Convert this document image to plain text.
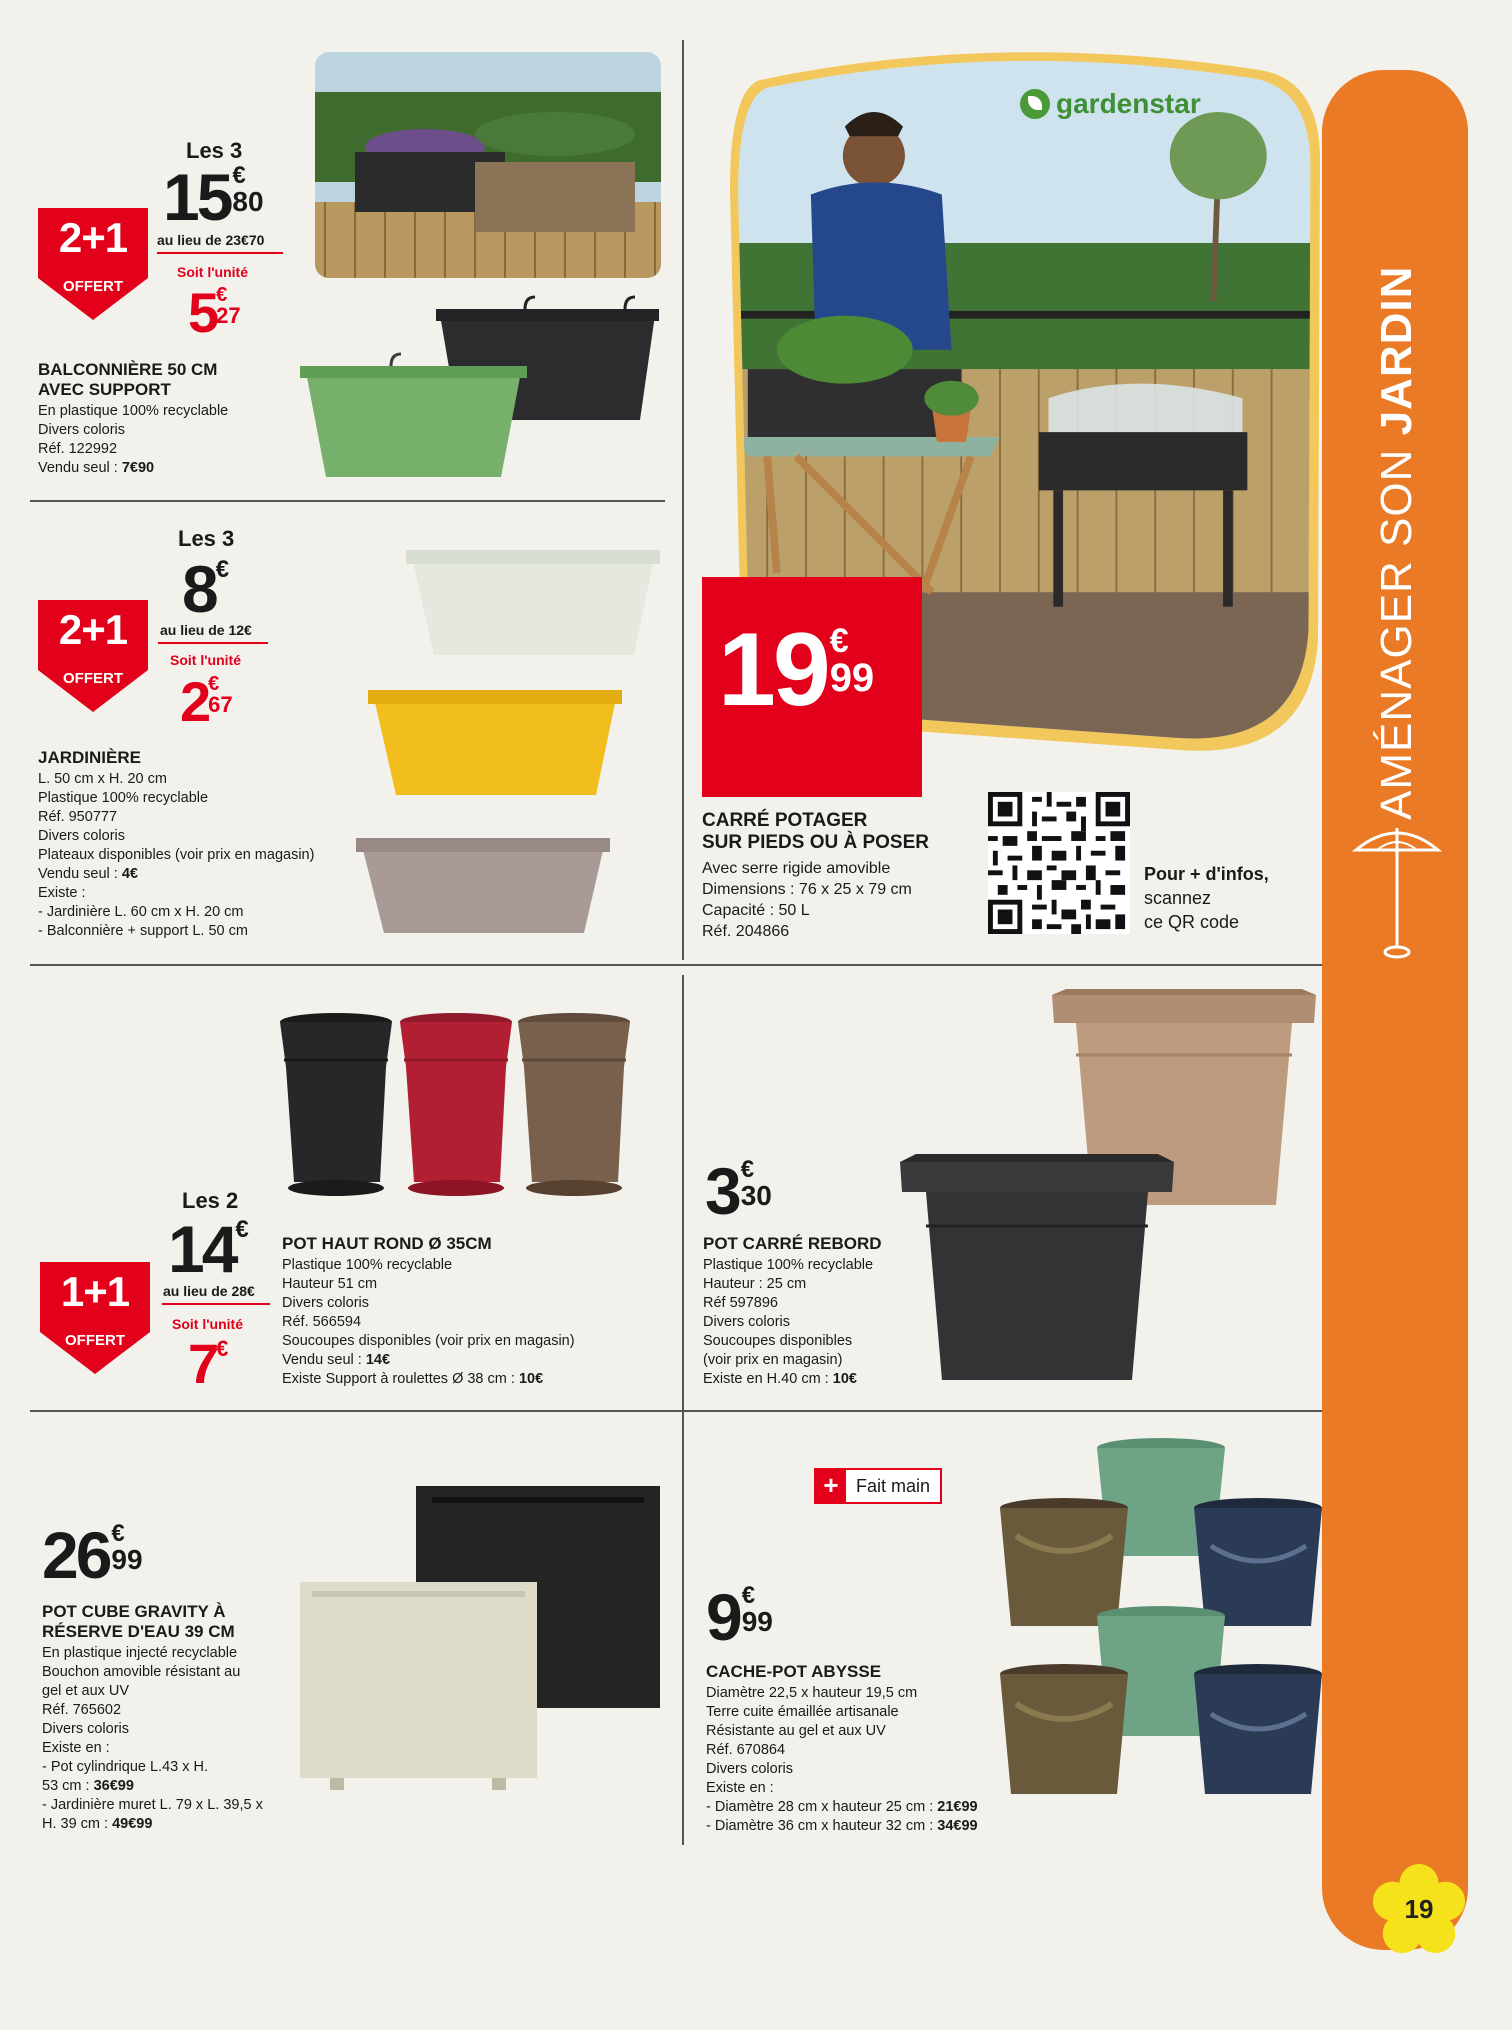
Les 3
15 €
80
au lieu de 23€70
Soit l'unité
5 €
27
2+1
OFFERT
BALCONNIÈRE 50 CM
AVEC SUPPORT
En plastique 100% recyclable
Divers coloris
Réf. 122992
Vendu seul : 7€90
Les 3
8€
au lieu de 12€
Soit l'unité
2 €
67
2+1
OFFERT
JARDINIÈRE
L. 50 cm x H. 20 cm
Plastique 100% recyclable
Réf. 950777
Divers coloris
Plateaux disponibles (voir prix en magasin)
Vendu seul : 4€
Existe :
- Jardinière L. 60 cm x H. 20 cm
- Balconnière + support L. 50 cm
gardenstar
19 €
99
CARRÉ POTAGER
SUR PIEDS OU À POSER
Avec serre rigide amovible
Dimensions : 76 x 25 x 79 cm
Capacité : 50 L
Réf. 204866
Pour + d'infos,
scannez
ce QR code
Les 2
14€
au lieu de 28€
Soit l'unité
7€
1+1
OFFERT
POT HAUT ROND Ø 35CM
Plastique 100% recyclable
Hauteur 51 cm
Divers coloris
Réf. 566594
Soucoupes disponibles (voir prix en magasin)
Vendu seul : 14€
Existe Support à roulettes Ø 38 cm : 10€
3 €
30
POT CARRÉ REBORD
Plastique 100% recyclable
Hauteur : 25 cm
Réf 597896
Divers coloris
Soucoupes disponibles
(voir prix en magasin)
Existe en H.40 cm : 10€
26 €
99
POT CUBE GRAVITY À
RÉSERVE D'EAU 39 CM
En plastique injecté recyclable
Bouchon amovible résistant au
gel et aux UV
Réf. 765602
Divers coloris
Existe en :
- Pot cylindrique L.43 x H.
53 cm : 36€99
- Jardinière muret L. 79 x L. 39,5 x
H. 39 cm : 49€99
+ Fait main
9 €
99
CACHE-POT ABYSSE
Diamètre 22,5 x hauteur 19,5 cm
Terre cuite émaillée artisanale
Résistante au gel et aux UV
Réf. 670864
Divers coloris
Existe en :
- Diamètre 28 cm x hauteur 25 cm : 21€99
- Diamètre 36 cm x hauteur 32 cm : 34€99
AMÉNAGER SON JARDIN
19
